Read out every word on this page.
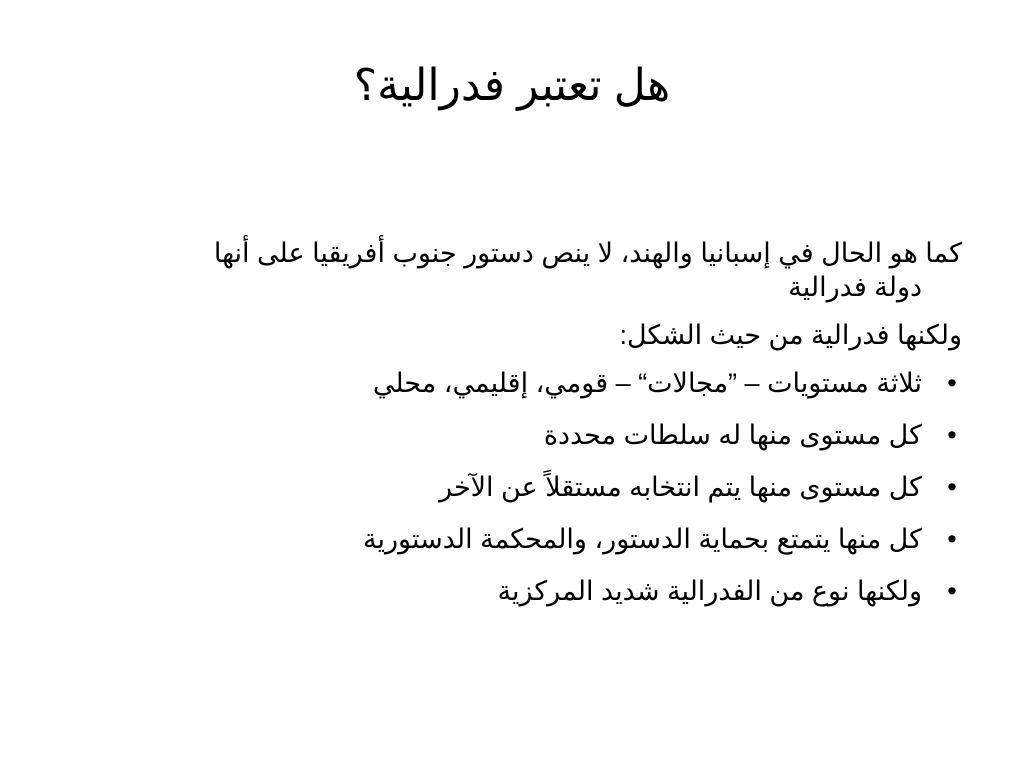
هل تعتبر فدرالية؟

كما هو الحال في إسبانيا والهند، لا ينص دستور جنوب أفريقيا على أنها
دولة فدرالية

ولكنها فدرالية من حيث الشكل:

•
ثلاثة مستويات – ”مجالات“ – قومي، إقليمي، محلي
•
كل مستوى منها له سلطات محددة
•
كل مستوى منها يتم انتخابه مستقلاً عن الآخر
•
كل منها يتمتع بحماية الدستور، والمحكمة الدستورية
•
ولكنها نوع من الفدرالية شديد المركزية
